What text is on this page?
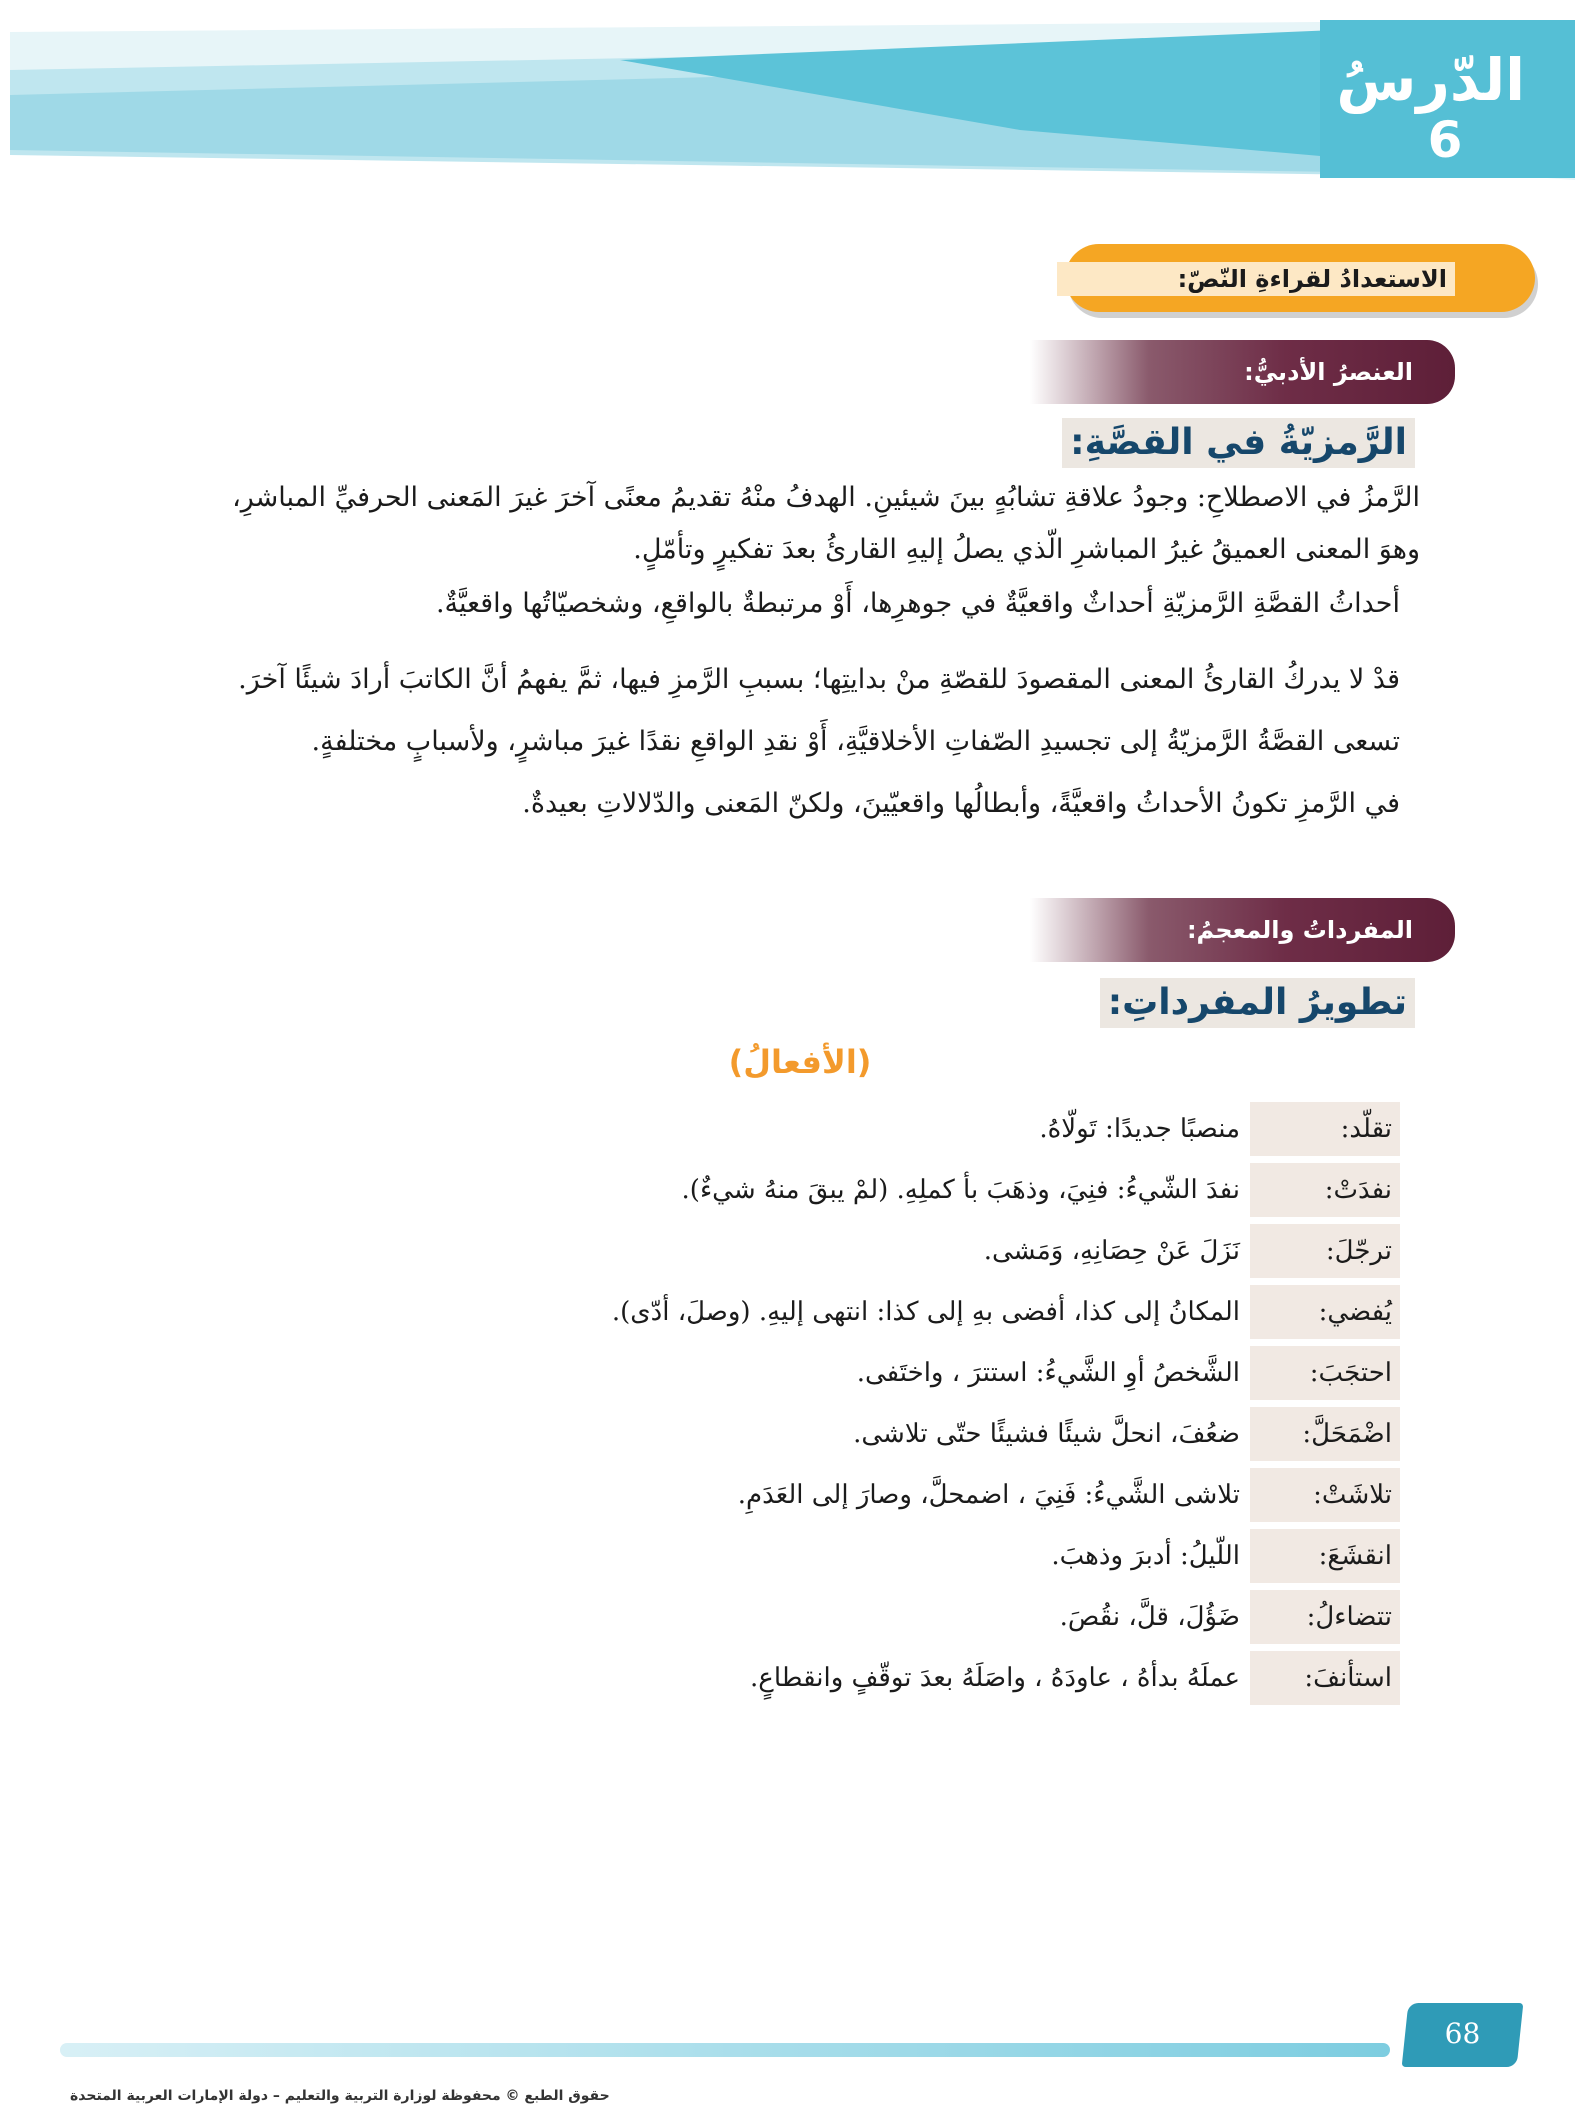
الدّرسُ
6
الاستعدادُ لقراءةِ النّصّ:
العنصرُ الأدبيُّ:
الرَّمزيّةُ في القصَّةِ:
الرَّمزُ في الاصطلاحِ: وجودُ علاقةِ تشابُهٍ بينَ شيئينِ. الهدفُ منْهُ تقديمُ معنًى آخرَ غيرَ المَعنى الحرفيِّ المباشرِ،
وهوَ المعنى العميقُ غيرُ المباشرِ الّذي يصلُ إليهِ القارئُ بعدَ تفكيرٍ وتأمّلٍ.
أحداثُ القصَّةِ الرَّمزيّةِ أحداثٌ واقعيَّةٌ في جوهرِها، أَوْ مرتبطةٌ بالواقعِ، وشخصيّاتُها واقعيَّةٌ.
قدْ لا يدركُ القارئُ المعنى المقصودَ للقصّةِ منْ بدايتِها؛ بسببِ الرَّمزِ فيها، ثمَّ يفهمُ أنَّ الكاتبَ أرادَ شيئًا آخرَ.
تسعى القصَّةُ الرَّمزيّةُ إلى تجسيدِ الصّفاتِ الأخلاقيَّةِ، أَوْ نقدِ الواقعِ نقدًا غيرَ مباشرٍ، ولأسبابٍ مختلفةٍ.
في الرَّمزِ تكونُ الأحداثُ واقعيَّةً، وأبطالُها واقعيّينَ، ولكنّ المَعنى والدّلالاتِ بعيدةٌ.
المفرداتُ والمعجمُ:
تطويرُ المفرداتِ:
(الأفعالُ)
تقلّد:
منصبًا جديدًا: تَولّاهُ.
نفدَتْ:
نفدَ الشّيءُ: فنِيَ، وذهَبَ بأ كملِهِ. (لمْ يبقَ منهُ شيءٌ).
ترجّلَ:
نَزَلَ عَنْ حِصَانِهِ، وَمَشى.
يُفضي:
المكانُ إلى كذا، أفضى بهِ إلى كذا: انتهى إليهِ. (وصلَ، أدّى).
احتجَبَ:
الشَّخصُ أوِ الشَّيءُ: استترَ ، واختَفى.
اضْمَحَلَّ:
ضعُفَ، انحلَّ شيئًا فشيئًا حتّى تلاشى.
تلاشَتْ:
تلاشى الشَّيءُ: فَنِيَ ، اضمحلَّ، وصارَ إلى العَدَمِ.
انقشَعَ:
اللّيلُ: أدبرَ وذهبَ.
تتضاءلُ:
ضَؤُلَ، قلَّ، نقُصَ.
استأنفَ:
عملَهُ بدأهُ ، عاودَهُ ، واصَلَهُ بعدَ توقّفٍ وانقطاعٍ.
68
حقوق الطبع © محفوظة لوزارة التربية والتعليم – دولة الإمارات العربية المتحدة
